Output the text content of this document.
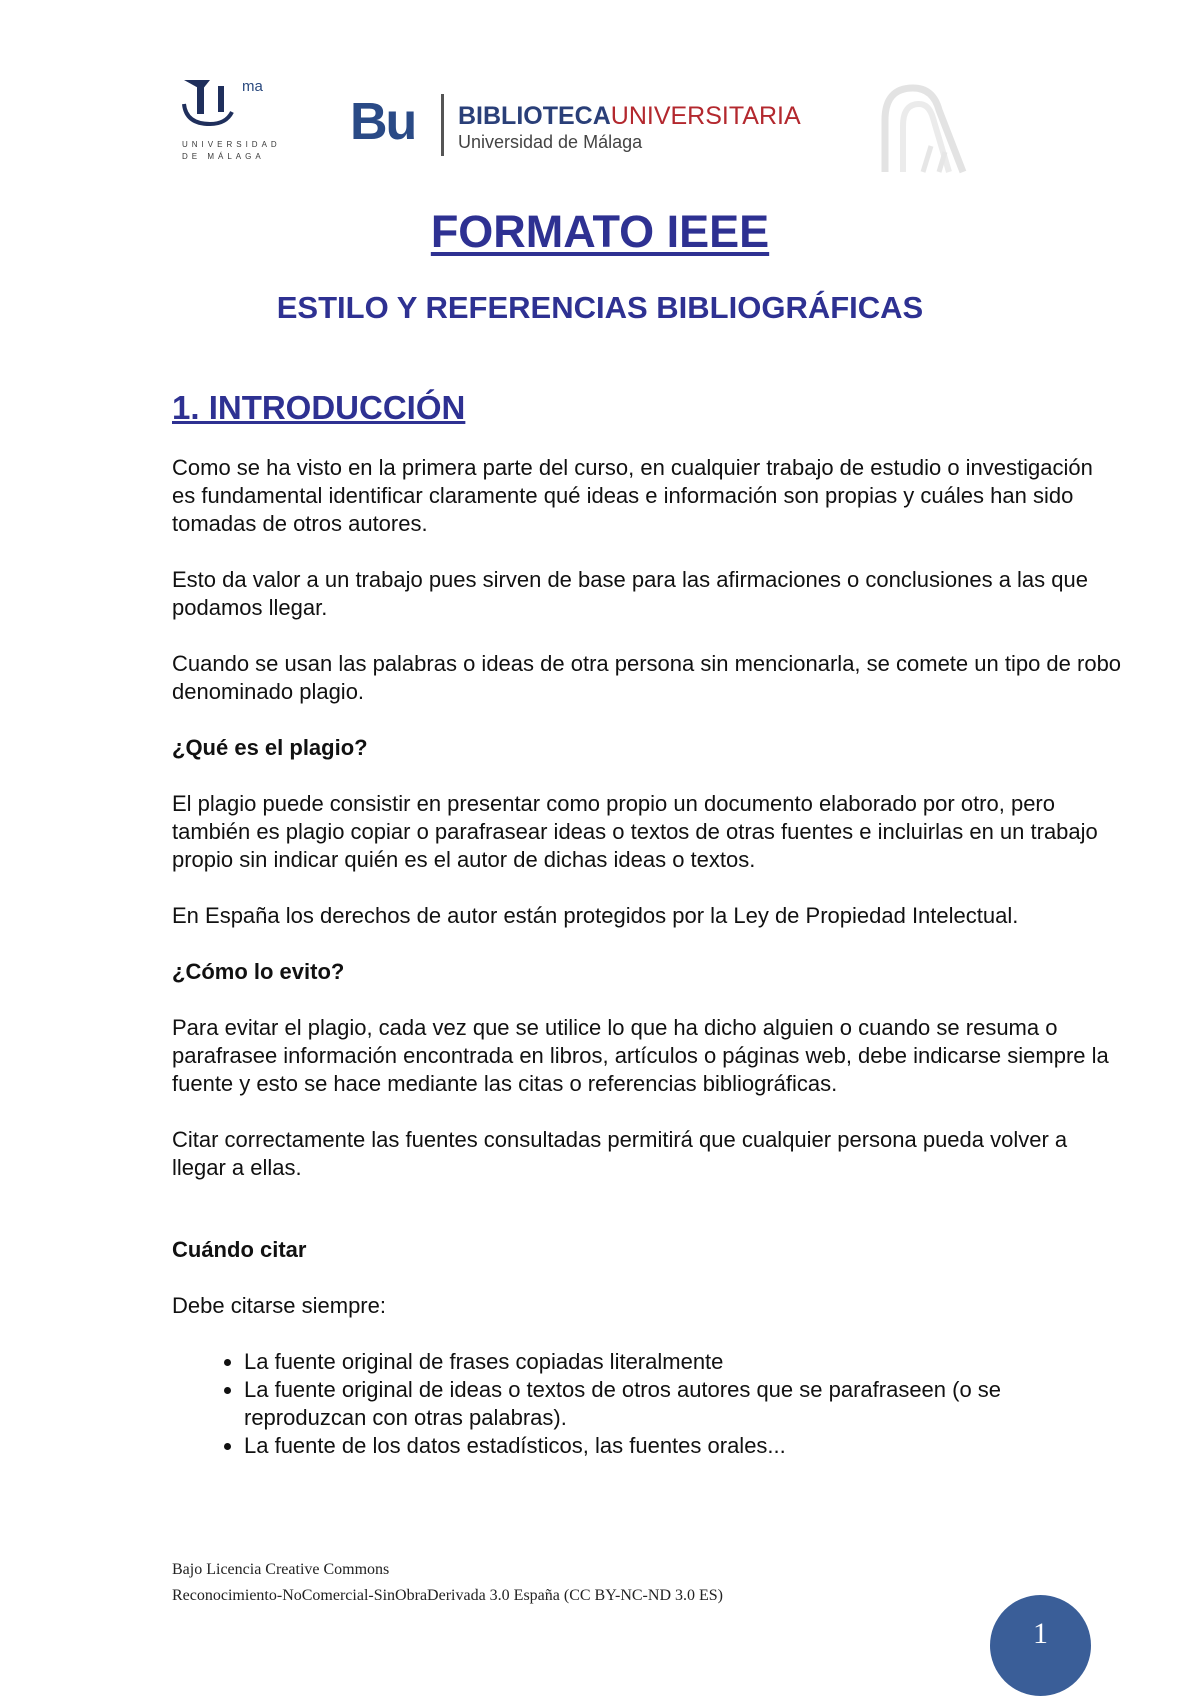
ma
UNIVERSIDAD
DE MÁLAGA
Bu BIBLIOTECAUNIVERSITARIA
Universidad de Málaga
FORMATO IEEE
ESTILO Y REFERENCIAS BIBLIOGRÁFICAS
1. INTRODUCCIÓN

Como se ha visto en la primera parte del curso, en cualquier trabajo de estudio o investigación es fundamental identificar claramente qué ideas e información son propias y cuáles han sido tomadas de otros autores.

Esto da valor a un trabajo pues sirven de base para las afirmaciones o conclusiones a las que podamos llegar.

Cuando se usan las palabras o ideas de otra persona sin mencionarla, se comete un tipo de robo denominado plagio.

¿Qué es el plagio?

El plagio puede consistir en presentar como propio un documento elaborado por otro, pero también es plagio copiar o parafrasear ideas o textos de otras fuentes e incluirlas en un trabajo propio sin indicar quién es el autor de dichas ideas o textos.

En España los derechos de autor están protegidos por la Ley de Propiedad Intelectual.

¿Cómo lo evito?

Para evitar el plagio, cada vez que se utilice lo que ha dicho alguien o cuando se resuma o parafrasee información encontrada en libros, artículos o páginas web, debe indicarse siempre la fuente y esto se hace mediante las citas o referencias bibliográficas.

Citar correctamente las fuentes consultadas permitirá que cualquier persona pueda volver a llegar a ellas.

Cuándo citar

Debe citarse siempre:

• La fuente original de frases copiadas literalmente
• La fuente original de ideas o textos de otros autores que se parafraseen (o se reproduzcan con otras palabras).
• La fuente de los datos estadísticos, las fuentes orales...
Bajo Licencia Creative Commons
Reconocimiento-NoComercial-SinObraDerivada 3.0 España (CC BY-NC-ND 3.0 ES)
1
